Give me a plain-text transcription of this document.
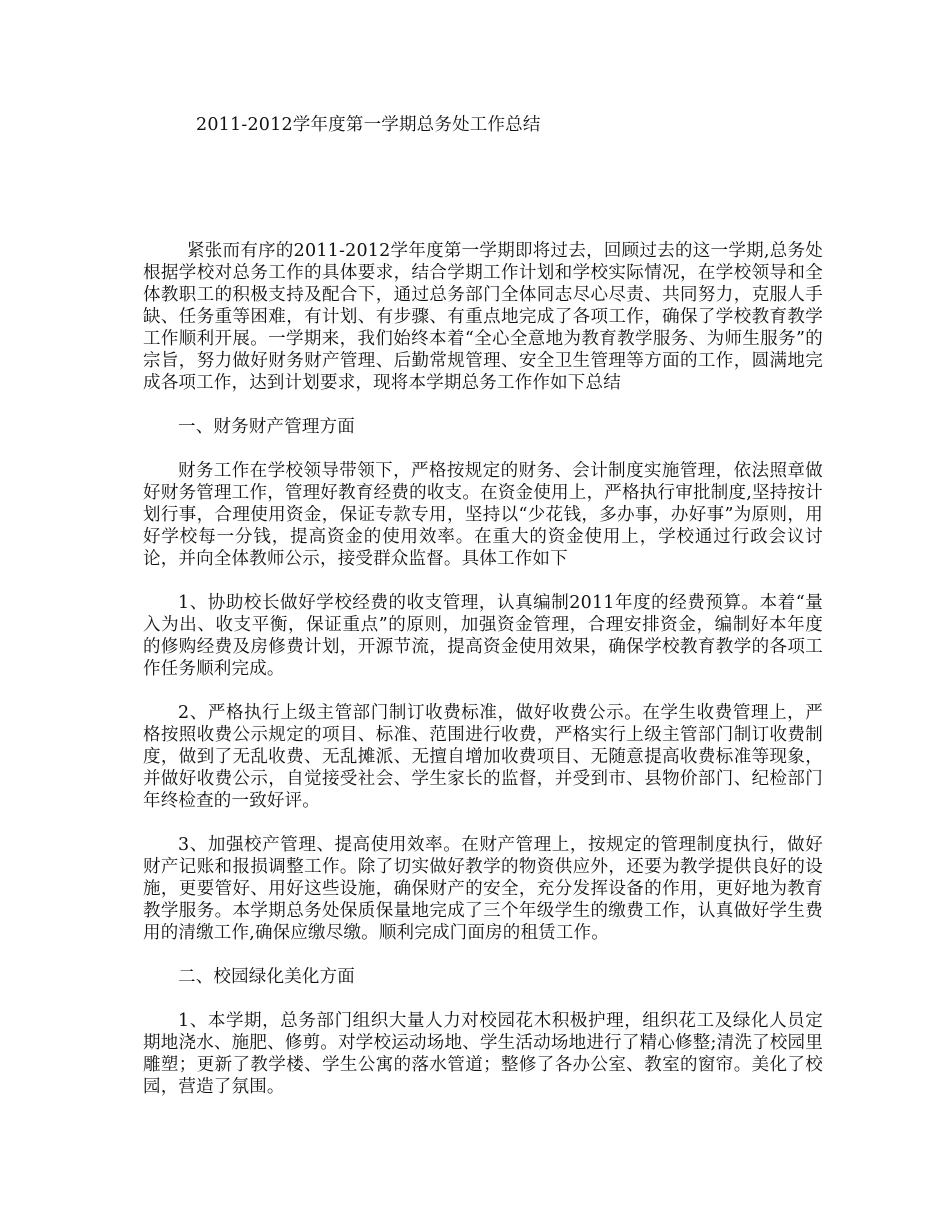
2011-2012学年度第一学期总务处工作总结

紧张而有序的2011-2012学年度第一学期即将过去，回顾过去的这一学期,总务处根据学校对总务工作的具体要求，结合学期工作计划和学校实际情况，在学校领导和全体教职工的积极支持及配合下，通过总务部门全体同志尽心尽责、共同努力，克服人手缺、任务重等困难，有计划、有步骤、有重点地完成了各项工作，确保了学校教育教学工作顺利开展。一学期来，我们始终本着“全心全意地为教育教学服务、为师生服务”的宗旨，努力做好财务财产管理、后勤常规管理、安全卫生管理等方面的工作，圆满地完成各项工作，达到计划要求，现将本学期总务工作作如下总结

一、财务财产管理方面

财务工作在学校领导带领下，严格按规定的财务、会计制度实施管理，依法照章做好财务管理工作，管理好教育经费的收支。在资金使用上，严格执行审批制度,坚持按计划行事，合理使用资金，保证专款专用，坚持以“少花钱，多办事，办好事”为原则，用好学校每一分钱，提高资金的使用效率。在重大的资金使用上，学校通过行政会议讨论，并向全体教师公示，接受群众监督。具体工作如下

1、协助校长做好学校经费的收支管理，认真编制2011年度的经费预算。本着“量入为出、收支平衡，保证重点”的原则，加强资金管理，合理安排资金，编制好本年度的修购经费及房修费计划，开源节流，提高资金使用效果，确保学校教育教学的各项工作任务顺利完成。

2、严格执行上级主管部门制订收费标准，做好收费公示。在学生收费管理上，严格按照收费公示规定的项目、标准、范围进行收费，严格实行上级主管部门制订收费制度，做到了无乱收费、无乱摊派、无擅自增加收费项目、无随意提高收费标准等现象，并做好收费公示，自觉接受社会、学生家长的监督，并受到市、县物价部门、纪检部门年终检查的一致好评。

3、加强校产管理、提高使用效率。在财产管理上，按规定的管理制度执行，做好财产记账和报损调整工作。除了切实做好教学的物资供应外，还要为教学提供良好的设施，更要管好、用好这些设施，确保财产的安全，充分发挥设备的作用，更好地为教育教学服务。本学期总务处保质保量地完成了三个年级学生的缴费工作，认真做好学生费用的清缴工作,确保应缴尽缴。顺利完成门面房的租赁工作。

二、校园绿化美化方面

1、本学期，总务部门组织大量人力对校园花木积极护理，组织花工及绿化人员定期地浇水、施肥、修剪。对学校运动场地、学生活动场地进行了精心修整;清洗了校园里雕塑；更新了教学楼、学生公寓的落水管道；整修了各办公室、教室的窗帘。美化了校园，营造了氛围。
